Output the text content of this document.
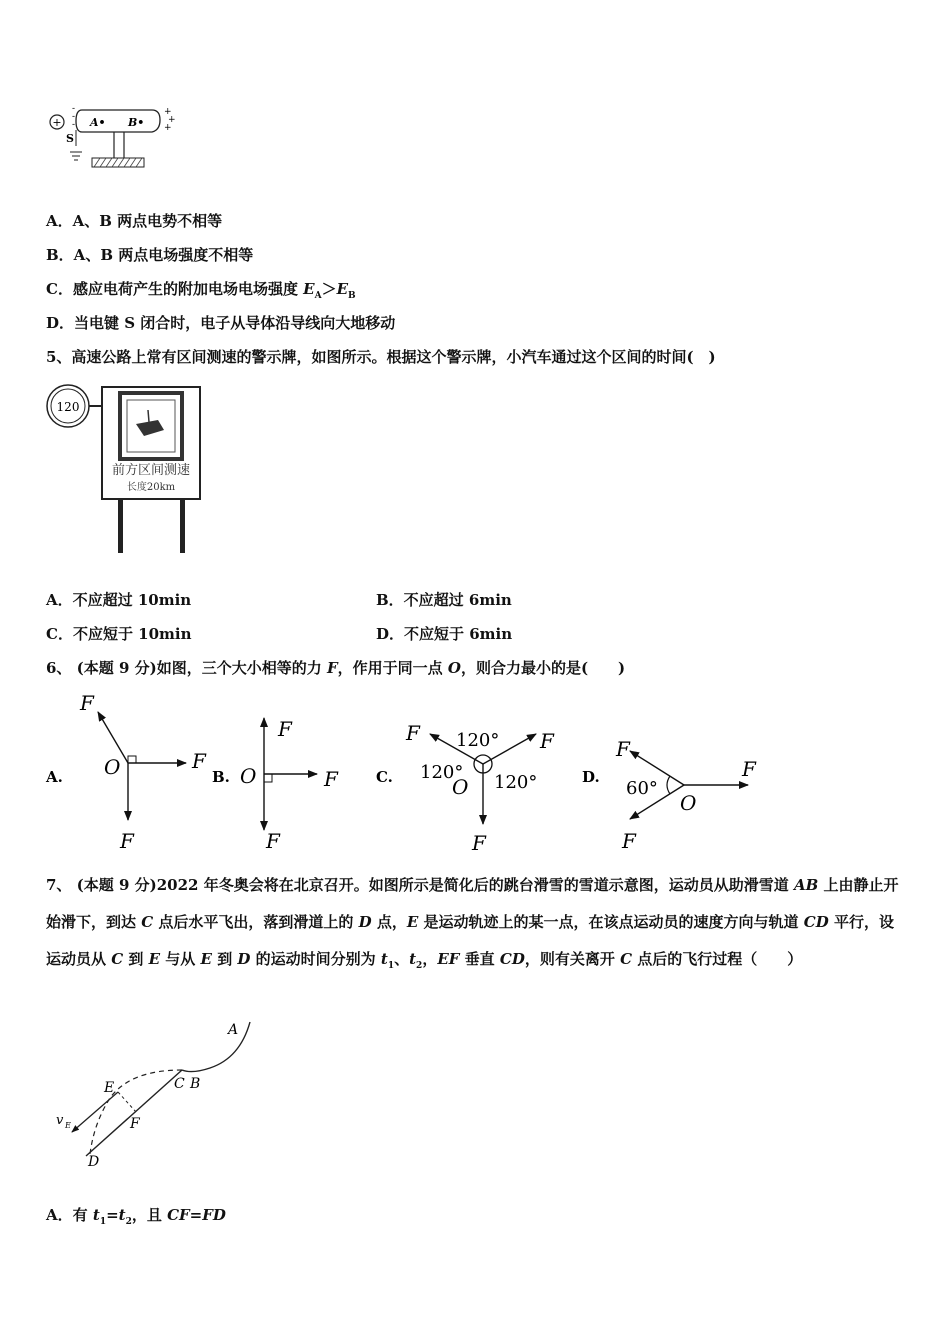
+
-
-
- A• B•
+
+
+
S
A．A、B 两点电势不相等
B．A、B 两点电场强度不相等
C．感应电荷产生的附加电场电场强度 $E_A>E_B$
D．当电键 S 闭合时，电子从导体沿导线向大地移动
5、高速公路上常有区间测速的警示牌，如图所示。根据这个警示牌，小汽车通过这个区间的时间(　)
120
前方区间测速
长度20km
A．不应超过 10min	B．不应超过 6min
C．不应短于 10min	D．不应短于 6min
6、 (本题 9 分)如图，三个大小相等的力 F，作用于同一点 O，则合力最小的是(　　)
A.
F
F
F
O	B.
F
F
F
O	C.
F	F
F
120°
120° 120°
O	D.
F
F
F
60°
O
7、 (本题 9 分)2022 年冬奥会将在北京召开。如图所示是简化后的跳台滑雪的雪道示意图，运动员从助滑雪道 AB 上由静止开始滑下，到达 C 点后水平飞出，落到滑道上的 D 点，E 是运动轨迹上的某一点，在该点运动员的速度方向与轨道 CD 平行，设运动员从 C 到 E 与从 E 到 D 的运动时间分别为 $t_1$、$t_2$，EF 垂直 CD，则有关离开 C 点后的飞行过程（　　）
A
C B
E
F
D
v E
A．有 $t_1=t_2$，且 CF=FD
